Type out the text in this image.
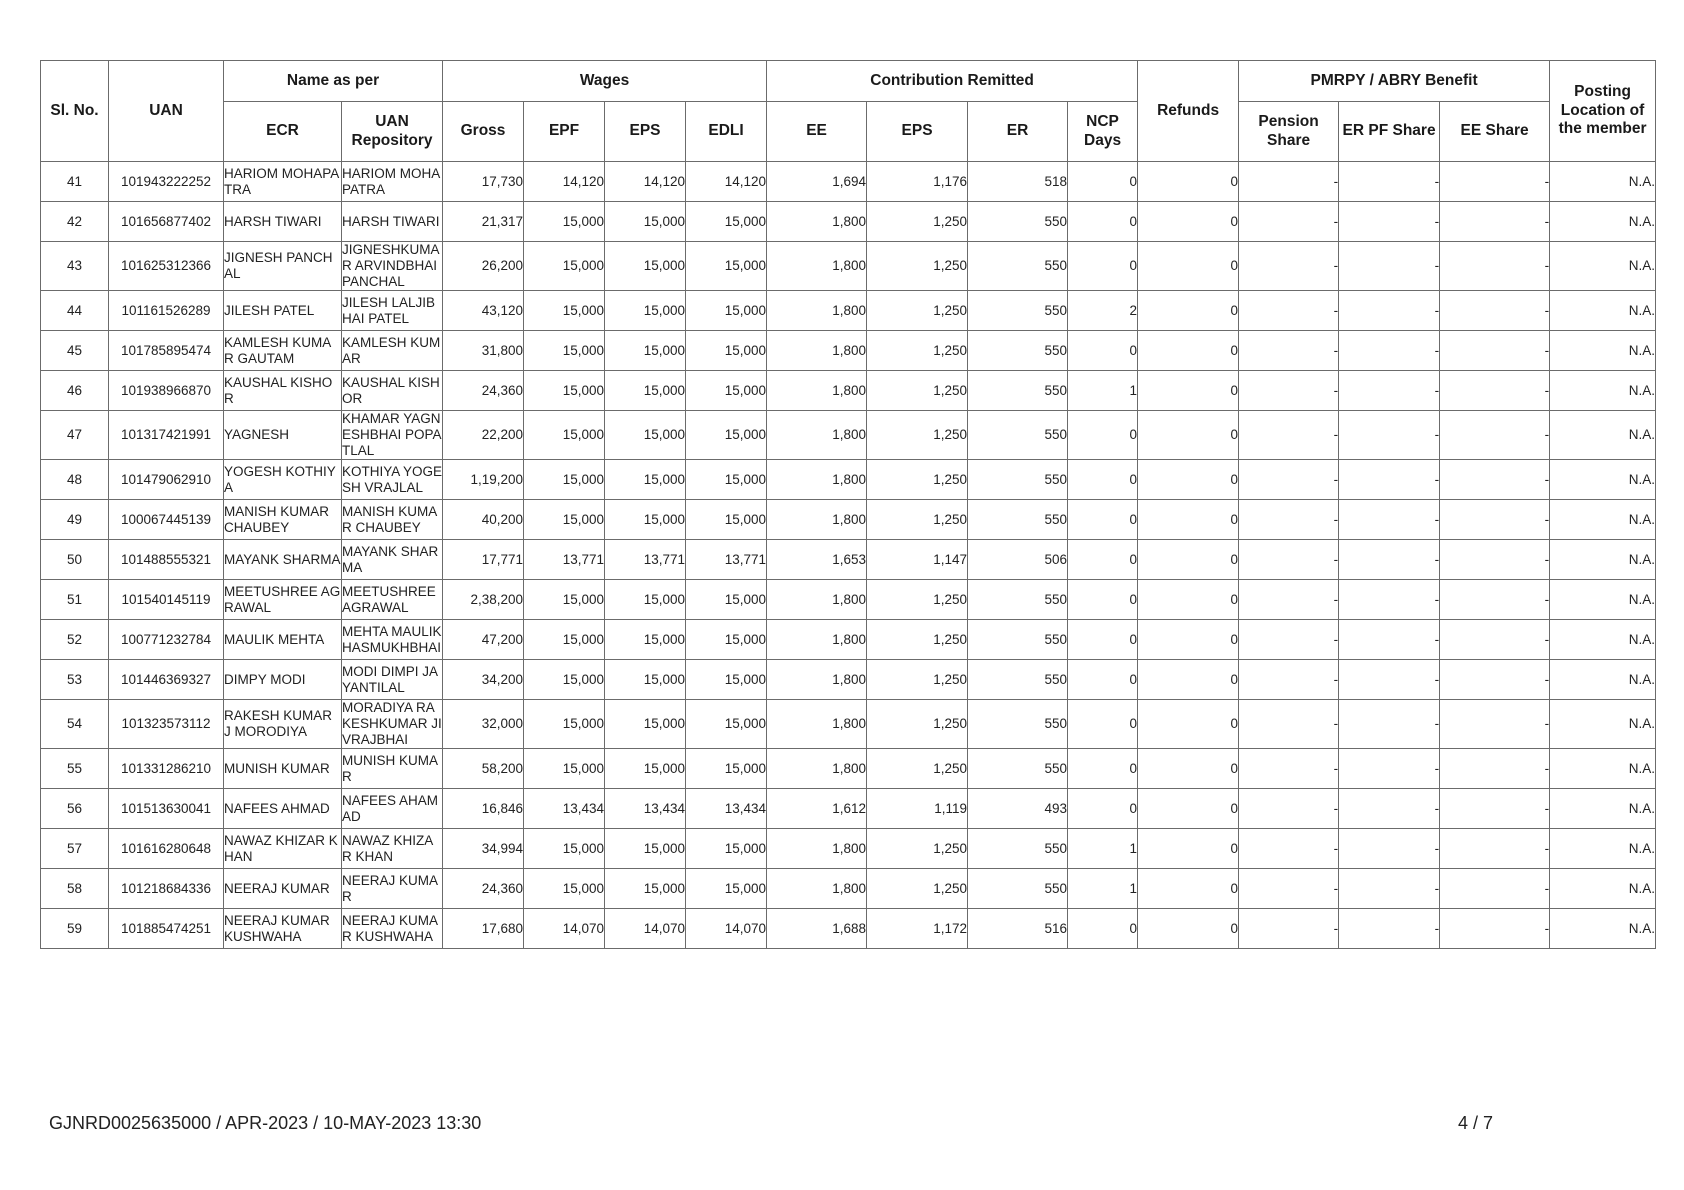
Sl. No.	UAN	Name as per		Wages				Contribution Remitted				Refunds	PMRPY / ABRY Benefit			Posting Location of the member
		ECR	UAN Repository	Gross	EPF	EPS	EDLI	EE	EPS	ER	NCP Days		Pension Share	ER PF Share	EE Share	
41	101943222252	HARIOM MOHAPATRA	HARIOM MOHAPATRA	17,730	14,120	14,120	14,120	1,694	1,176	518	0	0	-	-	-	N.A.
42	101656877402	HARSH TIWARI	HARSH TIWARI	21,317	15,000	15,000	15,000	1,800	1,250	550	0	0	-	-	-	N.A.
43	101625312366	JIGNESH PANCHAL	JIGNESHKUMAR ARVINDBHAI PANCHAL	26,200	15,000	15,000	15,000	1,800	1,250	550	0	0	-	-	-	N.A.
44	101161526289	JILESH PATEL	JILESH LALJIBHAI PATEL	43,120	15,000	15,000	15,000	1,800	1,250	550	2	0	-	-	-	N.A.
45	101785895474	KAMLESH KUMAR GAUTAM	KAMLESH KUMAR	31,800	15,000	15,000	15,000	1,800	1,250	550	0	0	-	-	-	N.A.
46	101938966870	KAUSHAL KISHOR	KAUSHAL KISHOR	24,360	15,000	15,000	15,000	1,800	1,250	550	1	0	-	-	-	N.A.
47	101317421991	YAGNESH	KHAMAR YAGNESHBHAI POPATLAL	22,200	15,000	15,000	15,000	1,800	1,250	550	0	0	-	-	-	N.A.
48	101479062910	YOGESH KOTHIYA	KOTHIYA YOGESH VRAJLAL	1,19,200	15,000	15,000	15,000	1,800	1,250	550	0	0	-	-	-	N.A.
49	100067445139	MANISH KUMAR CHAUBEY	MANISH KUMAR CHAUBEY	40,200	15,000	15,000	15,000	1,800	1,250	550	0	0	-	-	-	N.A.
50	101488555321	MAYANK SHARMA	MAYANK SHARMA	17,771	13,771	13,771	13,771	1,653	1,147	506	0	0	-	-	-	N.A.
51	101540145119	MEETUSHREE AGRAWAL	MEETUSHREE AGRAWAL	2,38,200	15,000	15,000	15,000	1,800	1,250	550	0	0	-	-	-	N.A.
52	100771232784	MAULIK MEHTA	MEHTA MAULIK HASMUKHBHAI	47,200	15,000	15,000	15,000	1,800	1,250	550	0	0	-	-	-	N.A.
53	101446369327	DIMPY MODI	MODI DIMPI JAYANTILAL	34,200	15,000	15,000	15,000	1,800	1,250	550	0	0	-	-	-	N.A.
54	101323573112	RAKESH KUMAR J MORODIYA	MORADIYA RAKESHKUMAR JIVRAJBHAI	32,000	15,000	15,000	15,000	1,800	1,250	550	0	0	-	-	-	N.A.
55	101331286210	MUNISH KUMAR	MUNISH KUMAR	58,200	15,000	15,000	15,000	1,800	1,250	550	0	0	-	-	-	N.A.
56	101513630041	NAFEES AHMAD	NAFEES AHAMAD	16,846	13,434	13,434	13,434	1,612	1,119	493	0	0	-	-	-	N.A.
57	101616280648	NAWAZ KHIZAR KHAN	NAWAZ KHIZAR KHAN	34,994	15,000	15,000	15,000	1,800	1,250	550	1	0	-	-	-	N.A.
58	101218684336	NEERAJ KUMAR	NEERAJ KUMAR	24,360	15,000	15,000	15,000	1,800	1,250	550	1	0	-	-	-	N.A.
59	101885474251	NEERAJ KUMAR KUSHWAHA	NEERAJ KUMAR KUSHWAHA	17,680	14,070	14,070	14,070	1,688	1,172	516	0	0	-	-	-	N.A.
GJNRD0025635000 / APR-2023 / 10-MAY-2023 13:30	4 / 7
